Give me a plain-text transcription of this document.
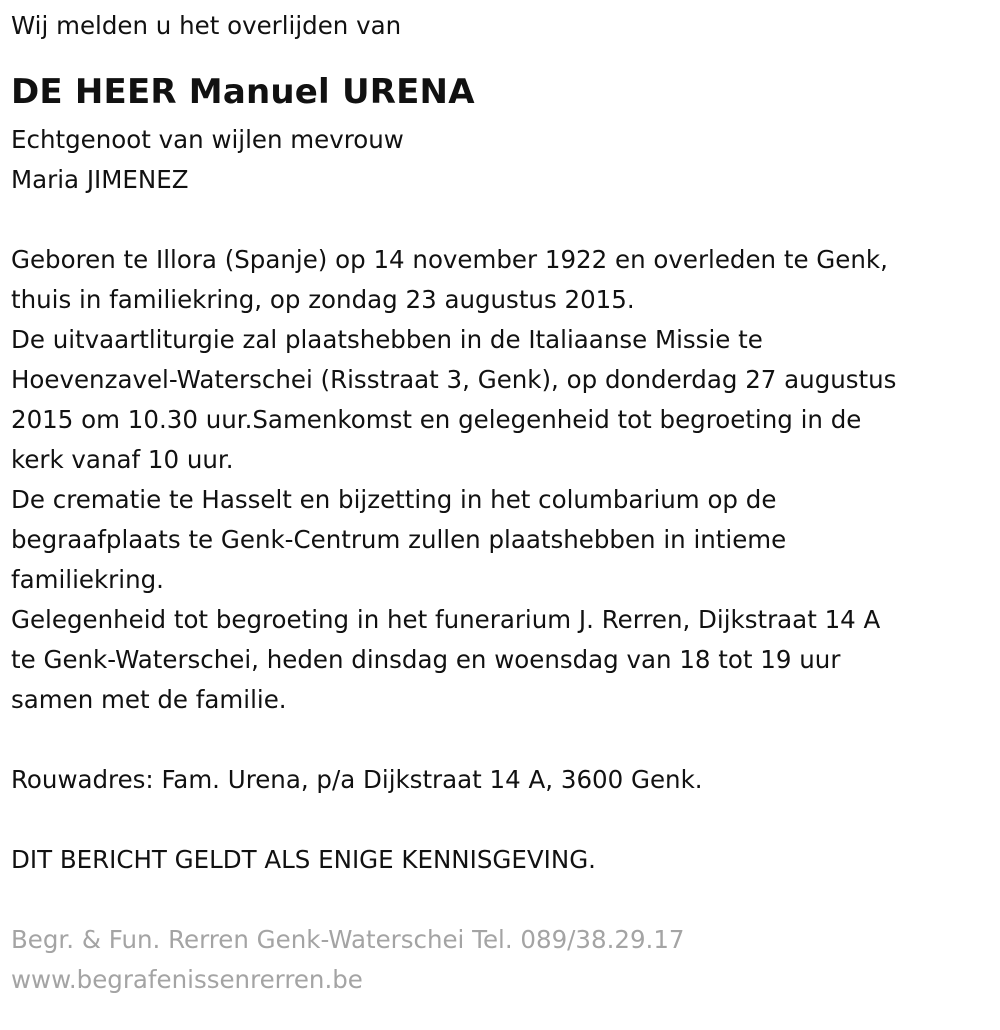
Wij melden u het overlijden van

DE HEER Manuel URENA

Echtgenoot van wijlen mevrouw

Maria JIMENEZ

Geboren te Illora (Spanje) op 14 november 1922 en overleden te Genk,

thuis in familiekring, op zondag 23 augustus 2015.

De uitvaartliturgie zal plaatshebben in de Italiaanse Missie te

Hoevenzavel-Waterschei (Risstraat 3, Genk), op donderdag 27 augustus

2015 om 10.30 uur.Samenkomst en gelegenheid tot begroeting in de

kerk vanaf 10 uur.

De crematie te Hasselt en bijzetting in het columbarium op de

begraafplaats te Genk-Centrum zullen plaatshebben in intieme

familiekring.

Gelegenheid tot begroeting in het funerarium J. Rerren, Dijkstraat 14 A

te Genk-Waterschei, heden dinsdag en woensdag van 18 tot 19 uur

samen met de familie.

Rouwadres: Fam. Urena, p/a Dijkstraat 14 A, 3600 Genk.

DIT BERICHT GELDT ALS ENIGE KENNISGEVING.

Begr. & Fun. Rerren Genk-Waterschei Tel. 089/38.29.17

www.begrafenissenrerren.be
